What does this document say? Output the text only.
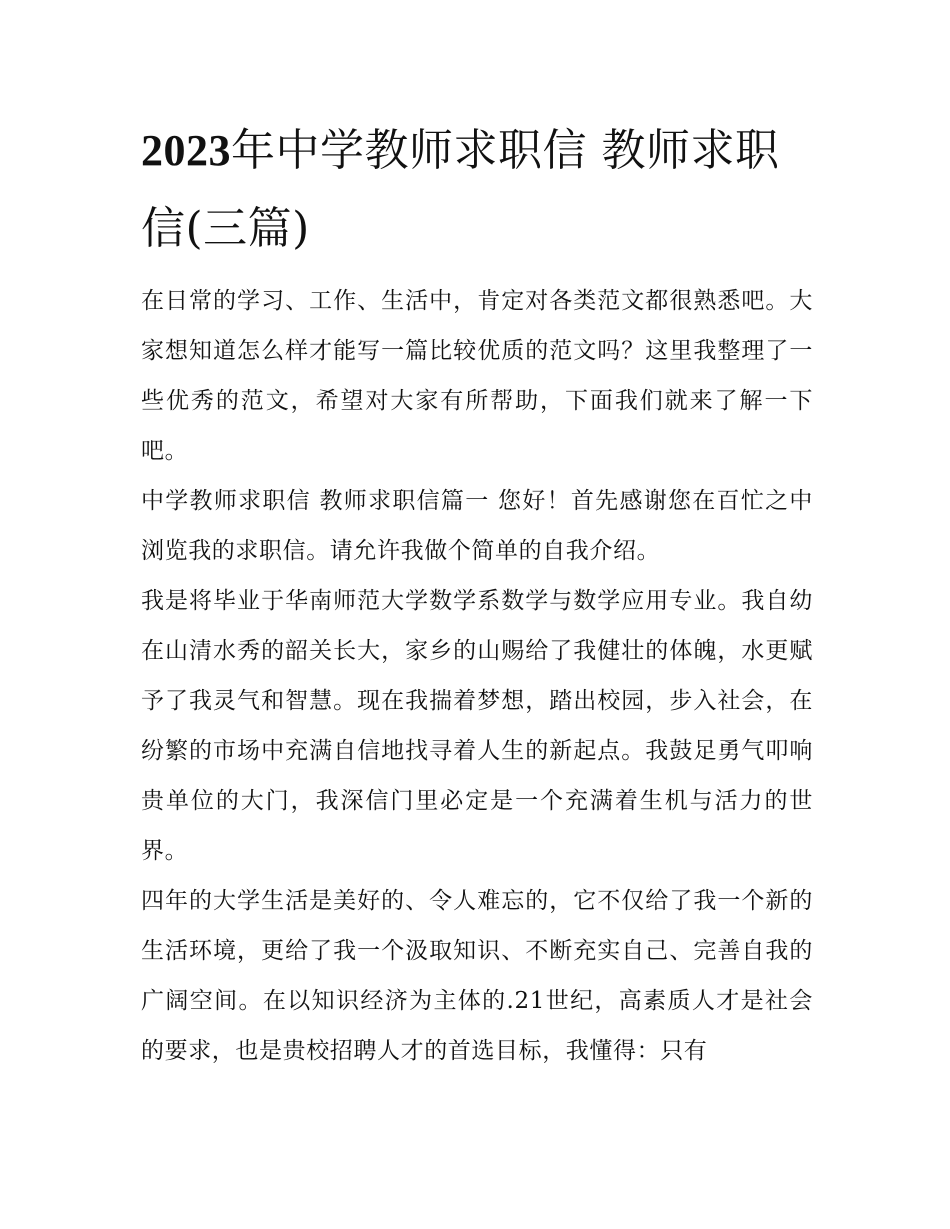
2023年中学教师求职信 教师求职信(三篇)

在日常的学习、工作、生活中，肯定对各类范文都很熟悉吧。大家想知道怎么样才能写一篇比较优质的范文吗？这里我整理了一些优秀的范文，希望对大家有所帮助，下面我们就来了解一下吧。

中学教师求职信 教师求职信篇一 您好！首先感谢您在百忙之中浏览我的求职信。请允许我做个简单的自我介绍。

我是将毕业于华南师范大学数学系数学与数学应用专业。我自幼在山清水秀的韶关长大，家乡的山赐给了我健壮的体魄，水更赋予了我灵气和智慧。现在我揣着梦想，踏出校园，步入社会，在纷繁的市场中充满自信地找寻着人生的新起点。我鼓足勇气叩响贵单位的大门，我深信门里必定是一个充满着生机与活力的世界。

四年的大学生活是美好的、令人难忘的，它不仅给了我一个新的生活环境，更给了我一个汲取知识、不断充实自己、完善自我的广阔空间。在以知识经济为主体的.21世纪，高素质人才是社会的要求，也是贵校招聘人才的首选目标，我懂得：只有
